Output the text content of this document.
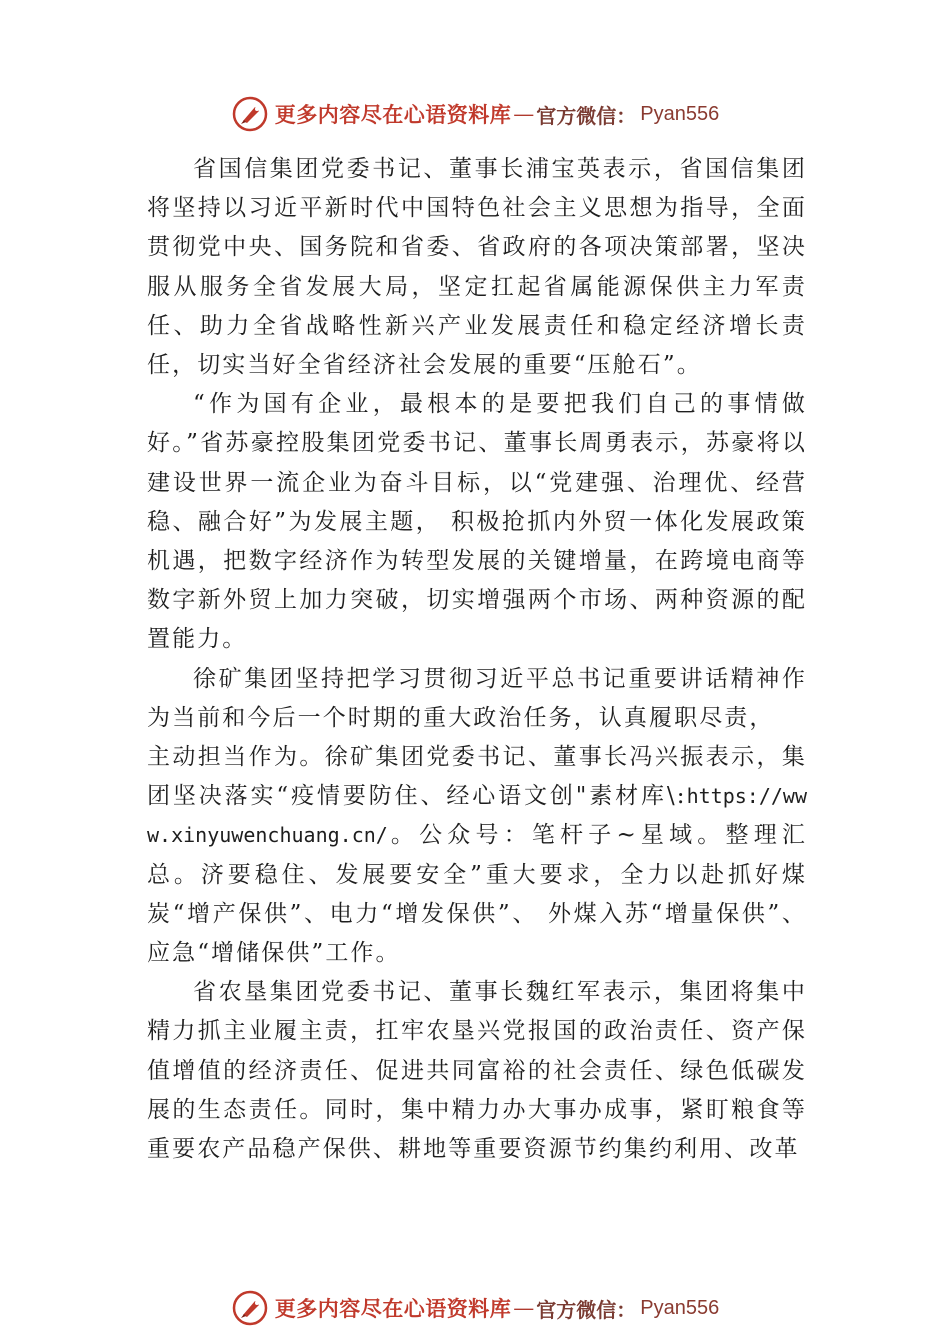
更多内容尽在心语资料库 — 官方微信： Pyan556

省国信集团党委书记、董事长浦宝英表示，省国信集团将坚持以习近平新时代中国特色社会主义思想为指导，全面贯彻党中央、国务院和省委、省政府的各项决策部署，坚决服从服务全省发展大局，坚定扛起省属能源保供主力军责任、助力全省战略性新兴产业发展责任和稳定经济增长责任，切实当好全省经济社会发展的重要“压舱石”。

“作为国有企业，最根本的是要把我们自己的事情做好。”省苏豪控股集团党委书记、董事长周勇表示，苏豪将以建设世界一流企业为奋斗目标，以“党建强、治理优、经营稳、融合好”为发展主题， 积极抢抓内外贸一体化发展政策机遇，把数字经济作为转型发展的关键增量，在跨境电商等数字新外贸上加力突破，切实增强两个市场、两种资源的配置能力。

徐矿集团坚持把学习贯彻习近平总书记重要讲话精神作为当前和今后一个时期的重大政治任务，认真履职尽责，
主动担当作为。徐矿集团党委书记、董事长冯兴振表示，集团坚决落实“疫情要防住、经心语文创"素材库\:https://www.xinyuwenchuang.cn/。公众号：笔杆子~星域。整理汇总。济要稳住、发展要安全”重大要求，全力以赴抓好煤炭“增产保供”、电力“增发保供”、 外煤入苏“增量保供”、应急“增储保供”工作。

省农垦集团党委书记、董事长魏红军表示，集团将集中精力抓主业履主责，扛牢农垦兴党报国的政治责任、资产保值增值的经济责任、促进共同富裕的社会责任、绿色低碳发展的生态责任。同时，集中精力办大事办成事，紧盯粮食等重要农产品稳产保供、耕地等重要资源节约集约利用、改革

更多内容尽在心语资料库 — 官方微信： Pyan556
